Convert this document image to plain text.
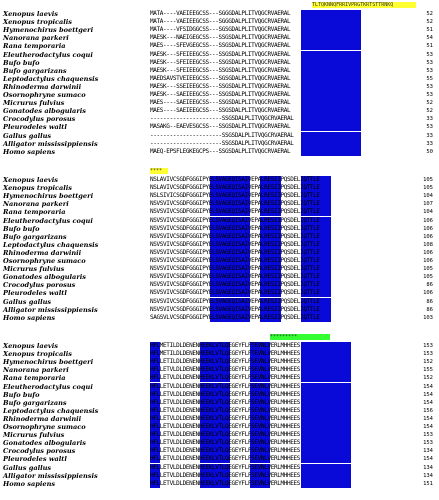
TLTQKNNQFRRIVPRGTKRTSTTRNKQ
Xenopus laevis	MATA----VAEIEEGCSS---SGGGDALPLITVQGCRVAERAL	52
Xenopus tropicalis	MATA----VAEIEEGCSS---SGGGDALPLITVQGCRVAERAL	52
Hymenochirus boettgeri	MATA----VFSIDGGCSS---SGSGDALPLITVQGCRVAERAL	51
Nanorana parkeri	MAESK---NAEIGEGCSS---SSGSDALPLITVQGCRVAERAL	54
Rana temporaria	MAES----SFEVGEGCSS---SSGSDALPLITVQGCRVAERAL	51
Eleutherodactylus coqui	MAESK---SFEIEEGCSS---SSGSDALPLITVQGCRVAERAL	53
Bufo bufo	MAESK---SFEIEEGCSS---SSGSDALPLITVQGCRVAERAL	53
Bufo gargarizans	MAESK---SFEIEEGCSS---SSGSDALPLITVQGCRVAERAL	53
Leptodactylus chaquensis	MAEDSAVSTVEIEEGCSS---SGSGDALPLITVQGCRVAERAL	55
Rhinoderma darwinii	MAESK---SSEIEEGCSS---SSGSDALPLITVQGCRVAERAL	53
Osornophryne sumaco	MAESK---SAEIEEGCSS---SSGSDALPLITVQGCRVAERAL	53
Micrurus fulvius	MAES----SAEIEEGCSS---SSGSDALPLITVQGCRVAERAL	52
Gonatodes albogularis	MAES----SAEIEEGCSS---SSGSDALPLITVQGCRVAERAL	52
Crocodylus porosus	----------------------SSGSDALPLITVQGCRVAERAL	33
Pleurodeles waltl	MASAKG--EAEVESGCSS---SSGSDALPLITVQGCRVAERAL	53
Gallus gallus	----------------------SSGSDALPLITVQGCRVAERAL	33
Alligator mississippiensis	----------------------SSGSDALPLITVQGCRVAERAL	33
Homo sapiens	MAEQ-EPSFLEGKEGCPS---SSGSDALPLITVQGCRVAERAL	50
****
Xenopus laevis	NSLAVIVCSGDFGGGIPYELSVAGEQISAIVEPALRESIIPQSDELIQTTLE	105
Xenopus tropicalis	NSLAVIVCSGDFGGGIPYELSVAGEQISAIVEPALRESIIPQSDELIQTTLE	105
Hymenochirus boettgeri	NSLSIVICSGDFGGGIPYELSVAGEQISAIVEPALRESIIPQSDELIQTTLE	104
Nanorana parkeri	NSVSVIVCSGDFGGGIPYELSVAGEQISAIVEPALRESIIPQSDELIQTTLE	107
Rana temporaria	NSVSVIVCSGDFGGGIPYELSVAGEQISAIVEPALRESIIPQSDELIQTTLE	104
Eleutherodactylus coqui	NSVSVIVCSGDFGGGIPYELSVAGEQISAIVEPALRESIIPQSDELIQTTLE	106
Bufo bufo	NSVSVIVCSGDFGGGIPYELSVAGEQISAIVEPALRESIIPQSDELIQTTLE	106
Bufo gargarizans	NSVSVIVCSGDFGGGIPYELSVAGEQISAIVEPALRESIIPQSDELIQTTLE	106
Leptodactylus chaquensis	NSVSVIVCSGDFGGGIPYELSVAGEQISAIVEPALRESIIPQSDELIQTTLE	108
Rhinoderma darwinii	NSVSVIVCSGDFGGGIPYELSVAGEQISAIVEPALRESIIPQSDELIQTTLE	106
Osornophryne sumaco	NSVSVIVCSGDFGGGIPYELSVAGEQISAIVEPALRESIIPQSDELIQTTLE	106
Micrurus fulvius	NSVSVIVCSGDFGGGIPYELSVAGEQISAIVEPALRESIIPQSDELIQTTLE	105
Gonatodes albogularis	NSVSVIVCSGDFGGGIPYELSVAGEQISAIVEPALRESIIPQSDELIQTTLE	105
Crocodylus porosus	NSVSVIVCSGDFGGGIPYELSVAGEQISAIVEPALRESIIPQSDELIQTTLE	86
Pleurodeles waltl	NSVSVIVCSGDFGGGIPYELSVAGEQISAIVEPALRESIIPQSDELIQTTLE	106
Gallus gallus	NSVSVIVCSGDFGGGIPYELSVAGEQISAIVEPALRESIIPQSDELIQTTLE	86
Alligator mississippiensis	NSVSVIVCSGDFGGGIPYELSVAGEQISAIVEPALRESIIPQSDELIQTTLE	86
Homo sapiens	SAGSVLVCSGDFGGGIPYELSVAGEQISAIVEPALRESIIPQSDELIQTTLE	103
*********
Xenopus laevis	HFLMETILDLDENENHEEKLVTLQEGEYFLFTEVNLVERLMHHEES	153
Xenopus tropicalis	HFLMETILDLDENENHEEKLVTLQEGEYFLFTEVNLVERLMHHEES	153
Hymenochirus boettgeri	HFLLETILDLDENENHEEKLVTLQEGEYFLFSEVNLVERLMHHEES	152
Nanorana parkeri	HFLLETVLDLDENENHEEKLVTLQEGEYFLFSEVNLVERLMHHEES	155
Rana temporaria	HFLLETVLDLDENENHEEKLVTLQEGEYFLFSEVNLVERLMHHEES	152
Eleutherodactylus coqui	HFLLETVLDLDENENHEEKLVTLQEGEYFLFSEVNLVERLMHHEES	154
Bufo bufo	HFLLETVLDLDENENHEEKLVTLQEGEYFLFSEVNLVERLMHHEES	154
Bufo gargarizans	HFLLETVLDLDENENHEEKLVTLQEGEYFLFSEVNLVERLMHHEES	154
Leptodactylus chaquensis	HFLLETVLDLDENENHEEKLVTLQEGEYFLFSEVNLVERLMHHEES	156
Rhinoderma darwinii	HFLLETVLDLDENENHEEKLVTLQEGEYFLFSEVNLVERLMHHEES	154
Osornophryne sumaco	HFLLETVLDLDENENHEEKLVTLQEGEYFLFSEVNLVERLMHHEES	154
Micrurus fulvius	HFLLETVLDLDENENHEEKLVTLQEGEYFLFSEVNLVERLMHHEES	153
Gonatodes albogularis	HFLLETVLDLDENENHEEKLVTLQEGEYFLFSEVNLVERLMHHEES	153
Crocodylus porosus	HFLLETVLDLDENENHEEKLVTLQEGEYFLFSEVNLVERLMHHEES	134
Pleurodeles waltl	HFLLETVLDLDENENHEEKLVTLQEGEYFLFSEVNLVERLMHHEES	154
Gallus gallus	HFLLETVLDLDENENHEEKLVTLQEGEYFLFSEVNLVERLMHHEES	134
Alligator mississippiensis	HFLLETVLDLDENENHEEKLVTLQEGEYFLFSEVNLVERLMHHEES	134
Homo sapiens	HFLLETVLDLDENENHEEKLVTLQEGEYFLFSEVNLVERLMHHEES	151
